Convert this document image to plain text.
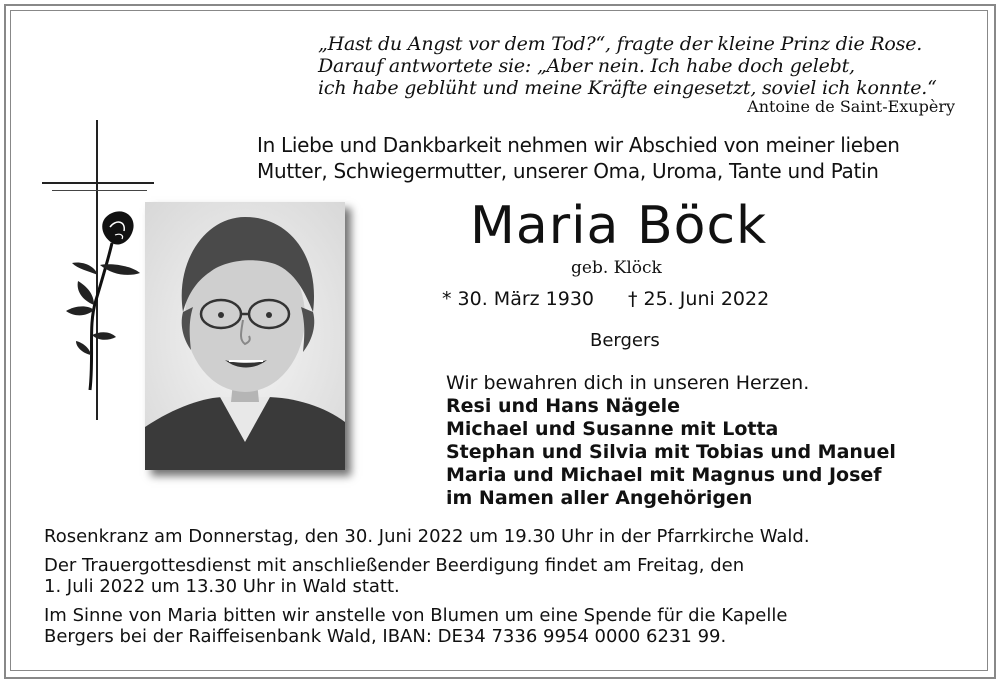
„Hast du Angst vor dem Tod?“, fragte der kleine Prinz die Rose.
Darauf antwortete sie: „Aber nein. Ich habe doch gelebt,
ich habe geblüht und meine Kräfte eingesetzt, soviel ich konnte.“
Antoine de Saint-Exupèry
In Liebe und Dankbarkeit nehmen wir Abschied von meiner lieben
Mutter, Schwiegermutter, unserer Oma, Uroma, Tante und Patin
Maria Böck
geb. Klöck
* 30. März 1930 † 25. Juni 2022
Bergers
Wir bewahren dich in unseren Herzen.
Resi und Hans Nägele
Michael und Susanne mit Lotta
Stephan und Silvia mit Tobias und Manuel
Maria und Michael mit Magnus und Josef
im Namen aller Angehörigen

Rosenkranz am Donnerstag, den 30. Juni 2022 um 19.30 Uhr in der Pfarrkirche Wald.

Der Trauergottesdienst mit anschließender Beerdigung findet am Freitag, den
1. Juli 2022 um 13.30 Uhr in Wald statt.

Im Sinne von Maria bitten wir anstelle von Blumen um eine Spende für die Kapelle
Bergers bei der Raiffeisenbank Wald, IBAN: DE34 7336 9954 0000 6231 99.
